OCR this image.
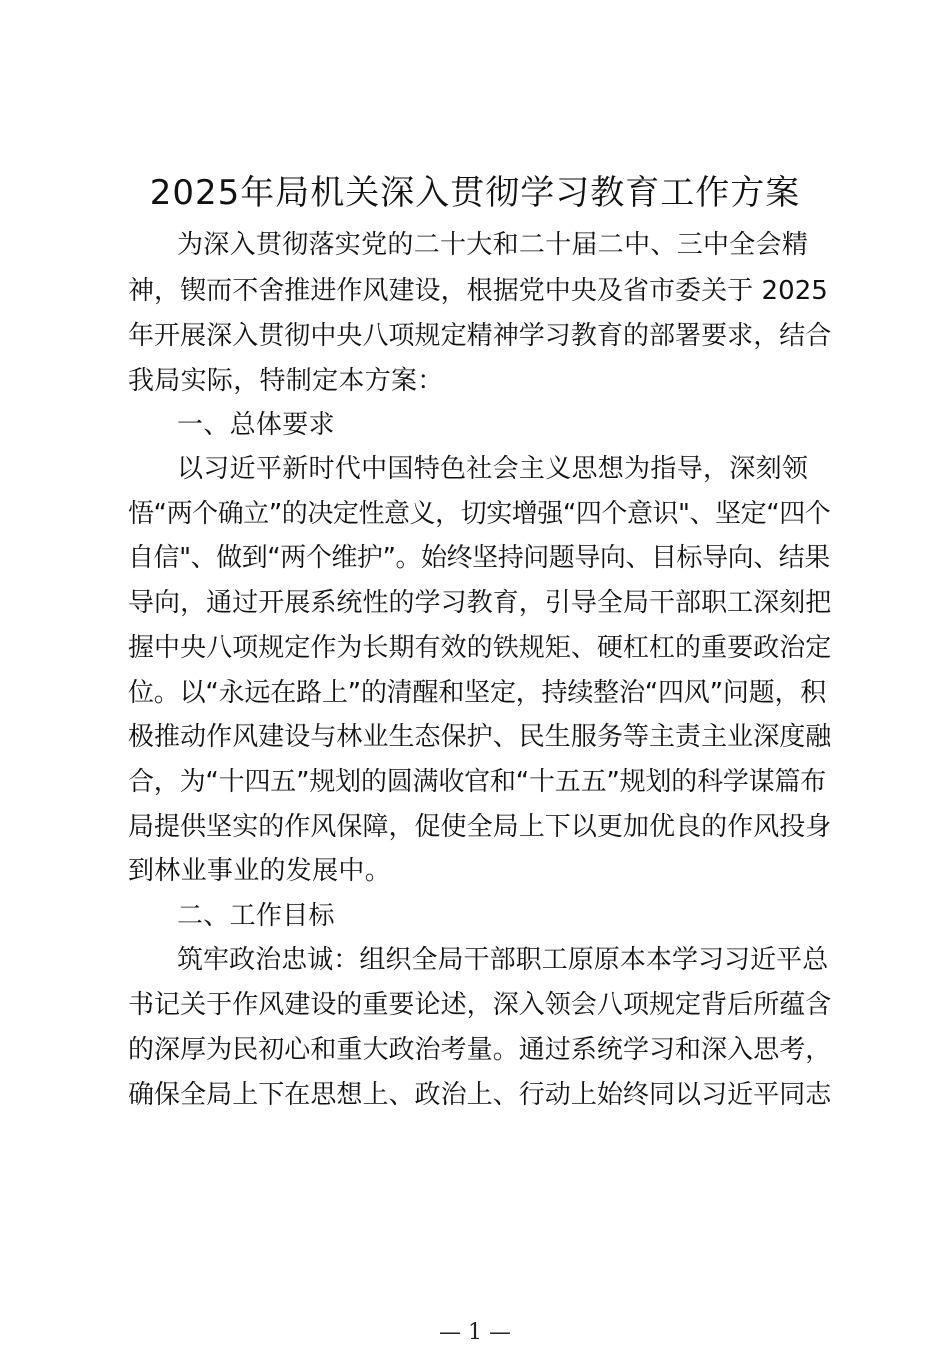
2025年局机关深入贯彻学习教育工作方案
为深入贯彻落实党的二十大和二十届二中、三中全会精
神，锲而不舍推进作风建设，根据党中央及省市委关于 2025
年开展深入贯彻中央八项规定精神学习教育的部署要求，结合
我局实际，特制定本方案：
一、总体要求
以习近平新时代中国特色社会主义思想为指导，深刻领
悟“两个确立”的决定性意义，切实增强“四个意识"、坚定“四个
自信"、做到“两个维护”。始终坚持问题导向、目标导向、结果
导向，通过开展系统性的学习教育，引导全局干部职工深刻把
握中央八项规定作为长期有效的铁规矩、硬杠杠的重要政治定
位。以“永远在路上”的清醒和坚定，持续整治“四风”问题，积
极推动作风建设与林业生态保护、民生服务等主责主业深度融
合，为“十四五”规划的圆满收官和“十五五”规划的科学谋篇布
局提供坚实的作风保障，促使全局上下以更加优良的作风投身
到林业事业的发展中。
二、工作目标
筑牢政治忠诚：组织全局干部职工原原本本学习习近平总
书记关于作风建设的重要论述，深入领会八项规定背后所蕴含
的深厚为民初心和重大政治考量。通过系统学习和深入思考，
确保全局上下在思想上、政治上、行动上始终同以习近平同志
— 1 —
